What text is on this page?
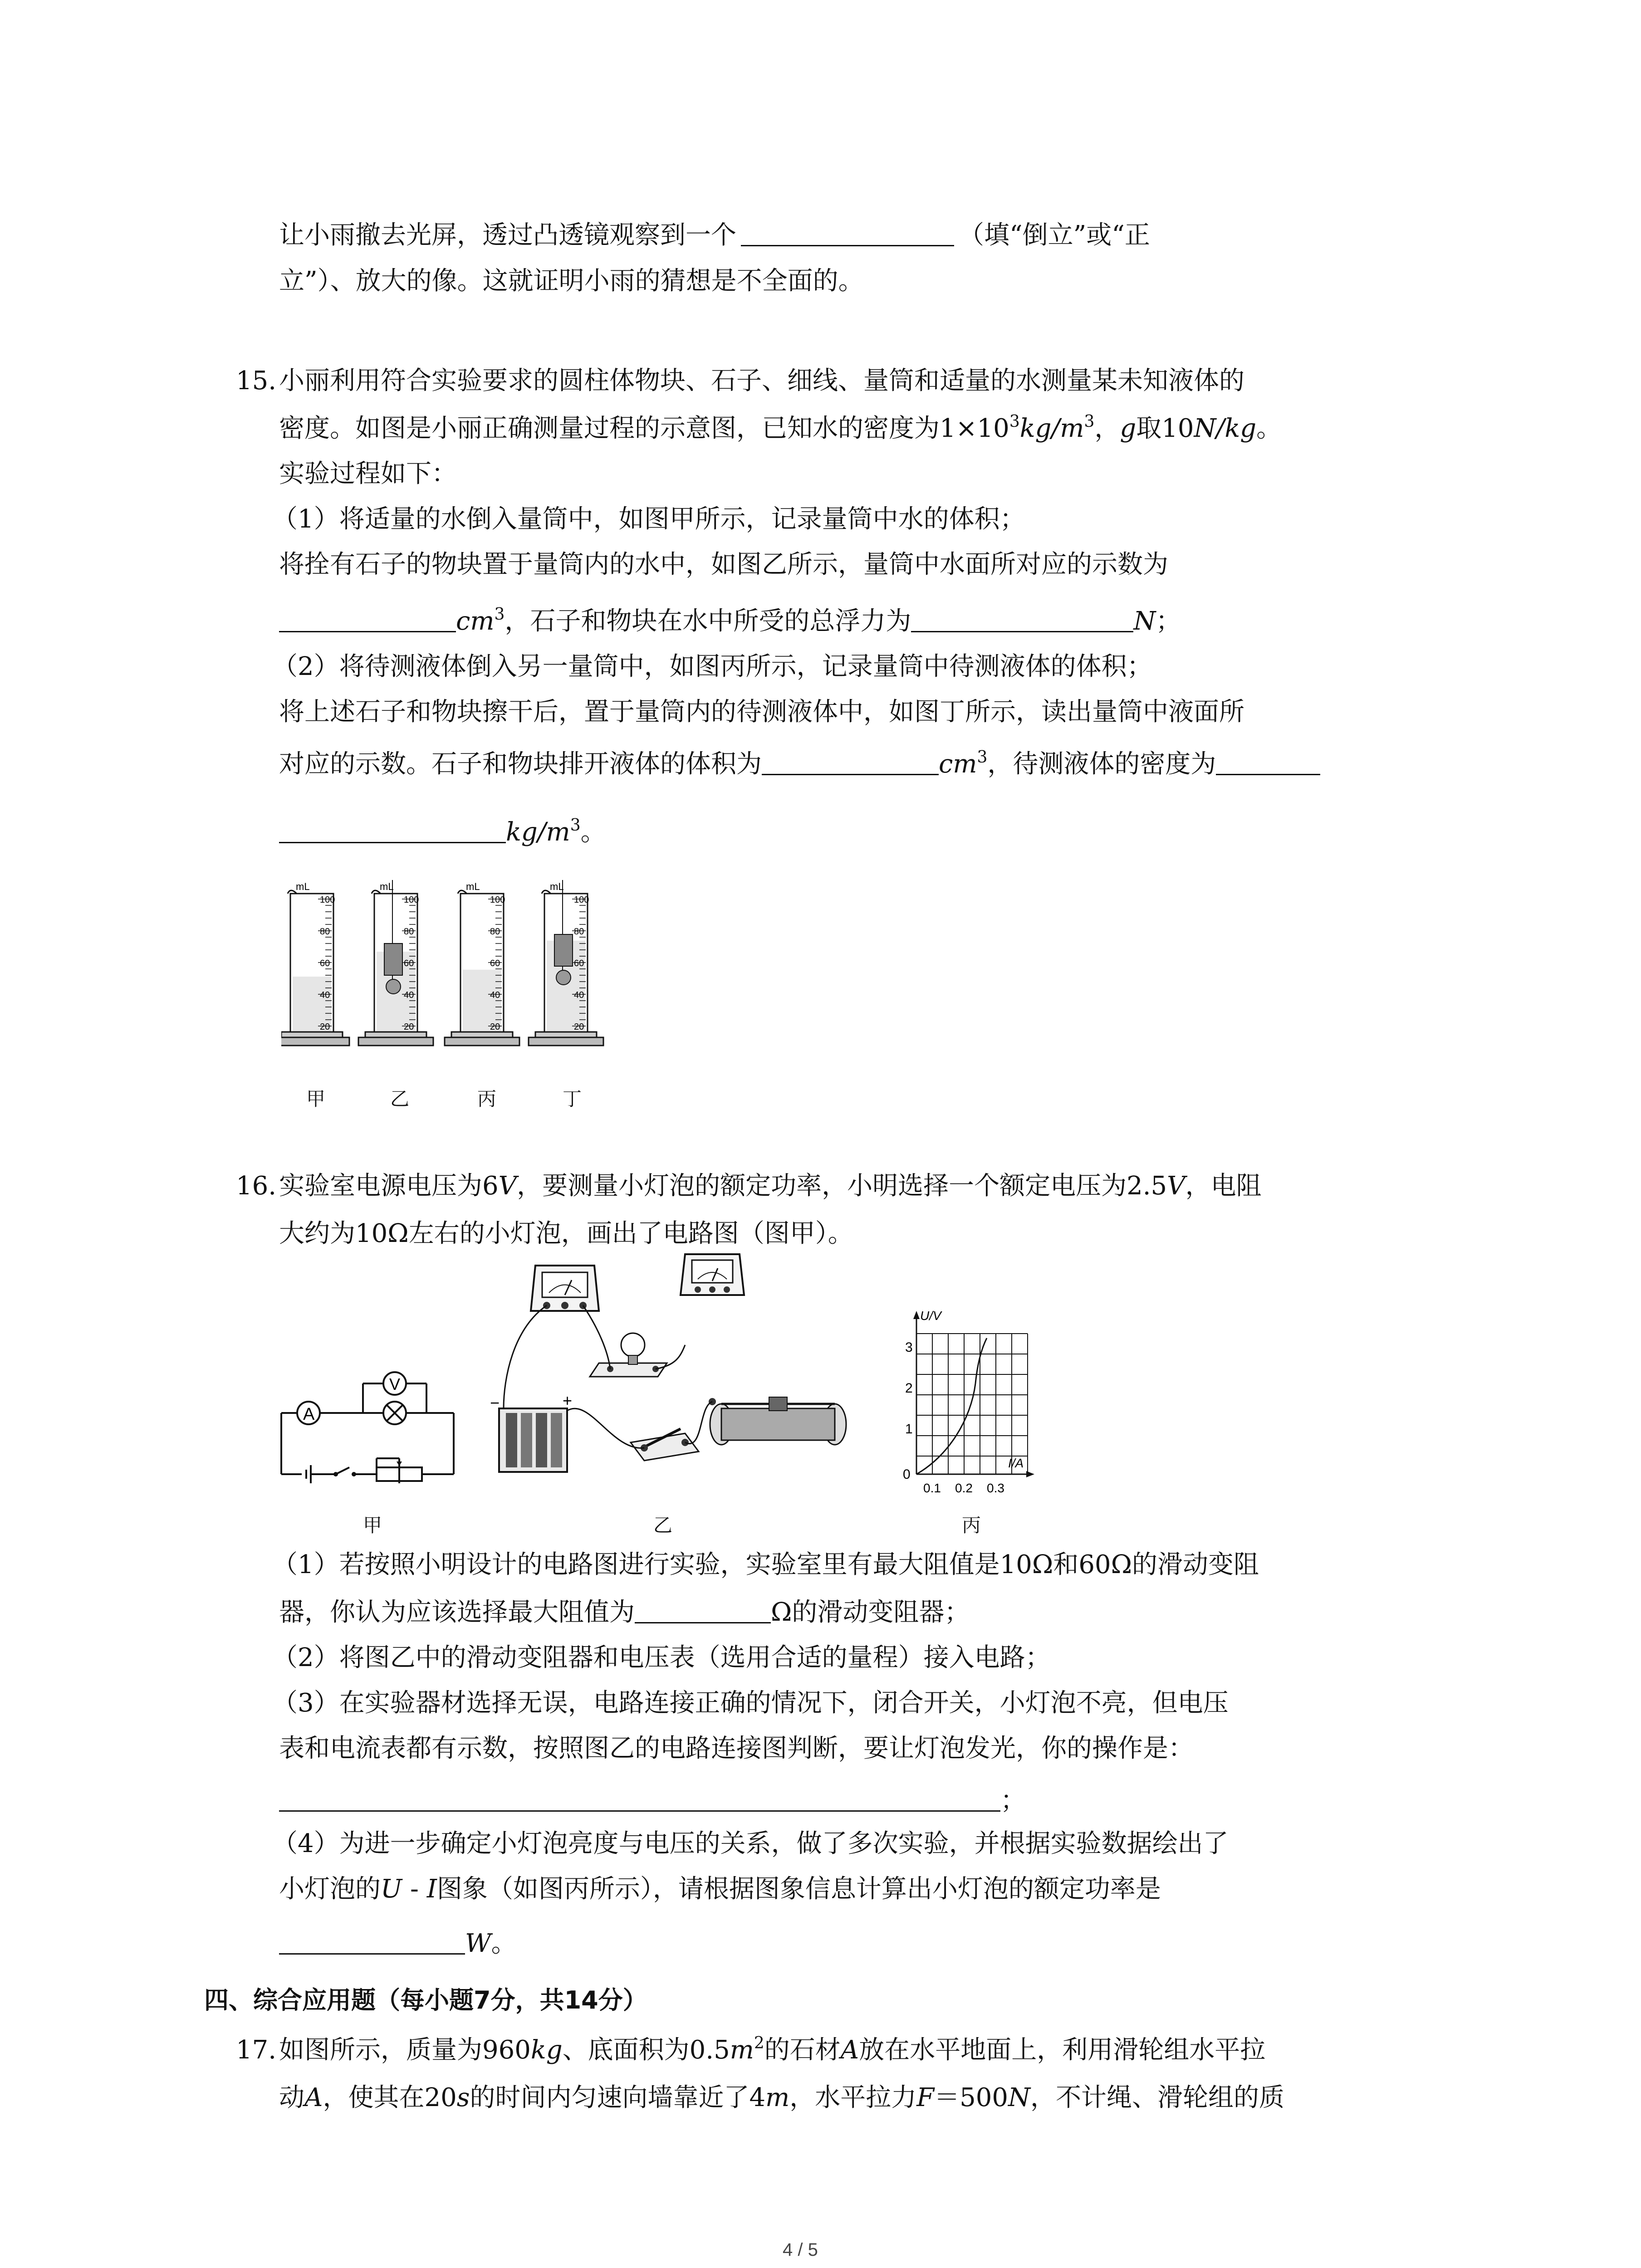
让小雨撤去光屏，透过凸透镜观察到一个	（填“倒立”或“正
立”）、放大的像。这就证明小雨的猜想是不全面的。
15. 小丽利用符合实验要求的圆柱体物块、石子、细线、量筒和适量的水测量某未知液体的
密度。如图是小丽正确测量过程的示意图，已知水的密度为$1\times 10^3kg/m^3$，g取10N/kg。
实验过程如下：
（1）将适量的水倒入量筒中，如图甲所示，记录量筒中水的体积；
将拴有石子的物块置于量筒内的水中，如图乙所示，量筒中水面所对应的示数为
$cm^3$，石子和物块在水中所受的总浮力为	N；
（2）将待测液体倒入另一量筒中，如图丙所示，记录量筒中待测液体的体积；
将上述石子和物块擦干后，置于量筒内的待测液体中，如图丁所示，读出量筒中液面所
对应的示数。石子和物块排开液体的体积为	$cm^3$，待测液体的密度为
$kg/m^3$。
mL
100
80
60
40
20
mL
100
80
60
40
20
mL
100
80
60
40
20
mL
100
80
60
40
20
甲	乙	丙	丁
16. 实验室电源电压为6V，要测量小灯泡的额定功率，小明选择一个额定电压为2.5V，电阻
大约为10Ω左右的小灯泡，画出了电路图（图甲）。
A
V
−	+
U/V
I/A
3
2
1
0
0.1 0.2 0.3
甲	乙	丙
（1）若按照小明设计的电路图进行实验，实验室里有最大阻值是10Ω和60Ω的滑动变阻
器，你认为应该选择最大阻值为	Ω的滑动变阻器；
（2）将图乙中的滑动变阻器和电压表（选用合适的量程）接入电路；
（3）在实验器材选择无误，电路连接正确的情况下，闭合开关，小灯泡不亮，但电压
表和电流表都有示数，按照图乙的电路连接图判断，要让灯泡发光，你的操作是：
；
（4）为进一步确定小灯泡亮度与电压的关系，做了多次实验，并根据实验数据绘出了
小灯泡的U - I图象（如图丙所示），请根据图象信息计算出小灯泡的额定功率是
W。
四、综合应用题（每小题7分，共14分）
17. 如图所示，质量为960kg、底面积为$0.5m^2$的石材A放在水平地面上，利用滑轮组水平拉
动A，使其在20s的时间内匀速向墙靠近了4m，水平拉力F＝500N，不计绳、滑轮组的质
4 / 5
